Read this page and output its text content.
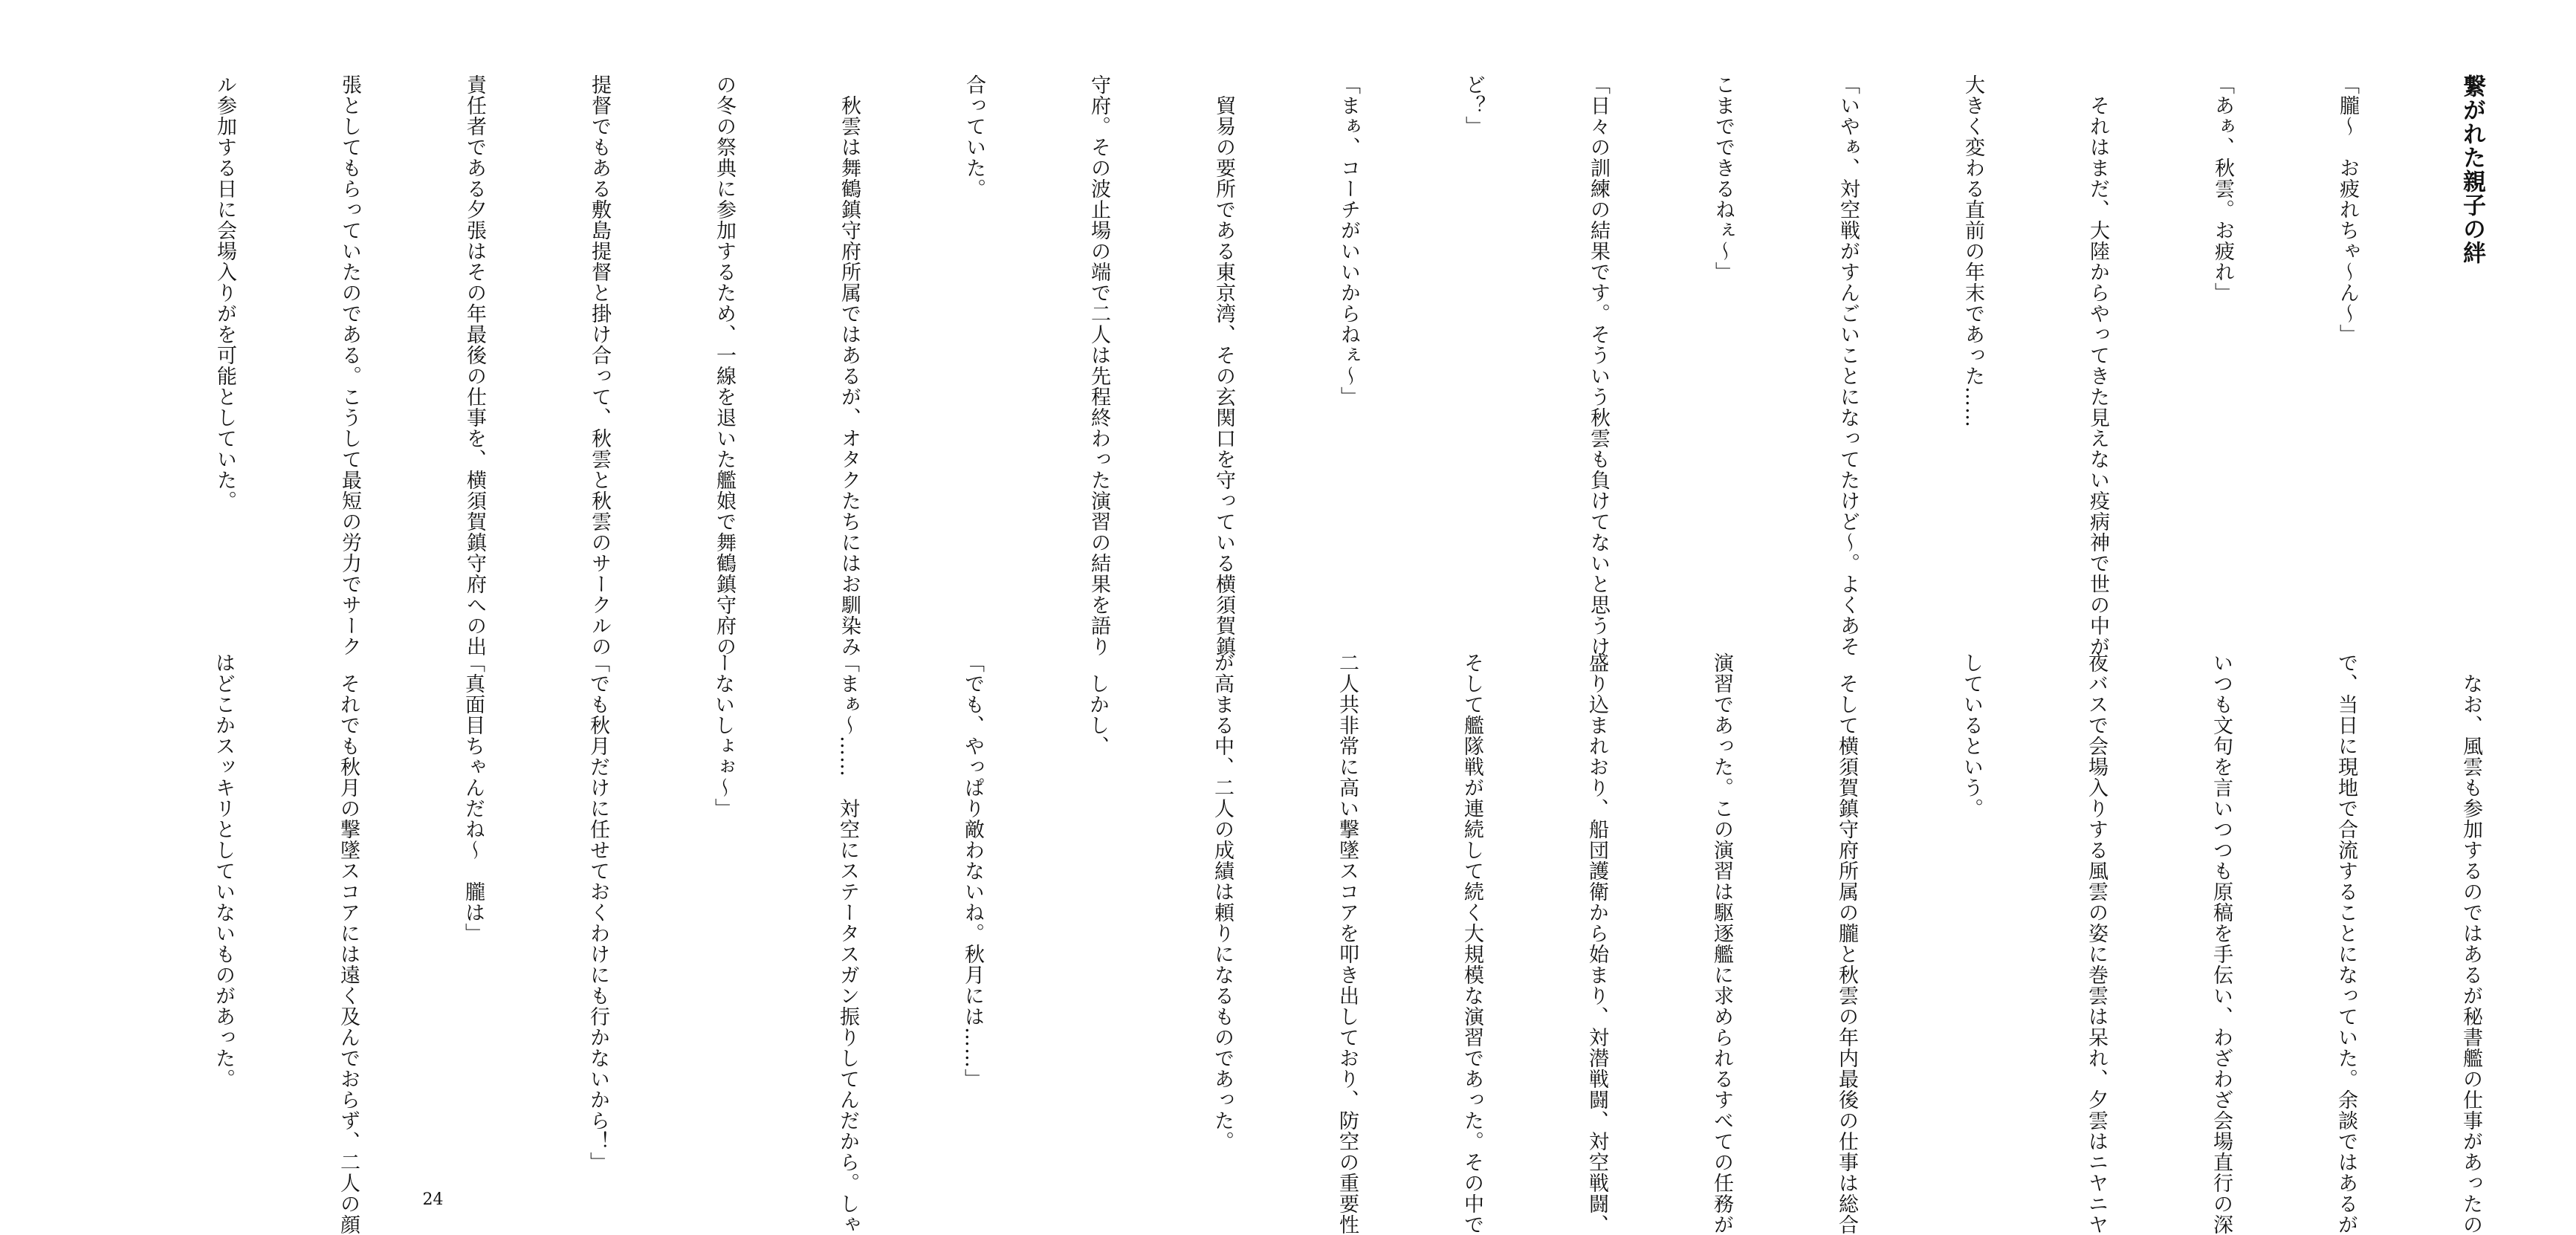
繋がれた親子の絆

「朧～　お疲れちゃ～ん～」

「あぁ、秋雲。お疲れ」

　それはまだ、大陸からやってきた見えない疫病神で世の中が

大きく変わる直前の年末であった……

「いやぁ、対空戦がすんごいことになってたけど～。よくあそ

こまでできるねぇ～」

「日々の訓練の結果です。そういう秋雲も負けてないと思うけ

ど？」

「まぁ、コーチがいいからねぇ～」

　貿易の要所である東京湾、その玄関口を守っている横須賀鎮

守府。その波止場の端で二人は先程終わった演習の結果を語り

合っていた。

　秋雲は舞鶴鎮守府所属ではあるが、オタクたちにはお馴染み

の冬の祭典に参加するため、一線を退いた艦娘で舞鶴鎮守府の

提督でもある敷島提督と掛け合って、秋雲と秋雲のサークルの

責任者である夕張はその年最後の仕事を、横須賀鎮守府への出

張としてもらっていたのである。こうして最短の労力でサーク

ル参加する日に会場入りがを可能としていた。

　なお、風雲も参加するのではあるが秘書艦の仕事があったの

で、当日に現地で合流することになっていた。余談ではあるが

いつも文句を言いつつも原稿を手伝い、わざわざ会場直行の深

夜バスで会場入りする風雲の姿に巻雲は呆れ、夕雲はニヤニヤ

しているという。

　そして横須賀鎮守府所属の朧と秋雲の年内最後の仕事は総合

演習であった。この演習は駆逐艦に求められるすべての任務が

盛り込まれおり、船団護衛から始まり、対潜戦闘、対空戦闘、

そして艦隊戦が連続して続く大規模な演習であった。その中で

二人共非常に高い撃墜スコアを叩き出しており、防空の重要性

が高まる中、二人の成績は頼りになるものであった。

　しかし、

「でも、やっぱり敵わないね。秋月には……」

「まぁ～……　対空にステータスガン振りしてんだから。しゃ

ーないしょぉ～」

「でも秋月だけに任せておくわけにも行かないから！」

「真面目ちゃんだね～　朧は」

　それでも秋月の撃墜スコアには遠く及んでおらず、二人の顔

はどこかスッキリとしていないものがあった。

24
